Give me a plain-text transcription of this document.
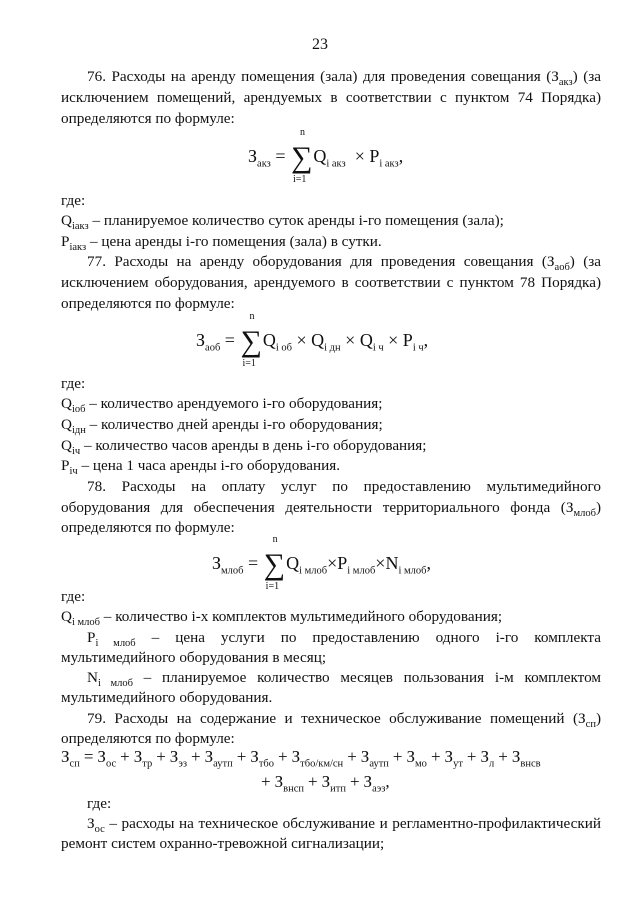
23
76. Расходы на аренду помещения (зала) для проведения совещания $(З_{акз})$ (за
исключением помещений, арендуемых в соответствии с пунктом 74 Порядка)
определяются по формуле:
$З_{акз}$ =
n
∑
i=1
$Q_{i акз} \times P_{i акз}$,
где:
$Q_{iакз}$ – планируемое количество суток аренды i-го помещения (зала);
$P_{iакз}$ – цена аренды i-го помещения (зала) в сутки.
77. Расходы на аренду оборудования для проведения совещания $(З_{аоб})$ (за
исключением оборудования, арендуемого в соответствии с пунктом 78 Порядка)
определяются по формуле:
$З_{аоб}$ =
n
∑
i=1
$Q_{i об} \times Q_{i дн} \times Q_{i ч} \times P_{i ч}$,
где:
$Q_{iоб}$ – количество арендуемого i-го оборудования;
$Q_{iдн}$ – количество дней аренды i-го оборудования;
$Q_{iч}$ – количество часов аренды в день i-го оборудования;
$P_{iч}$ – цена 1 часа аренды i-го оборудования.
78. Расходы на оплату услуг по предоставлению мультимедийного
оборудования для обеспечения деятельности территориального фонда $(З_{млоб})$
определяются по формуле:
$З_{млоб}$ =
n
∑
i=1
$Q_{i млоб}\times P_{i млоб}\times N_{i млоб}$,
где:
$Q_{i млоб}$ – количество i-х комплектов мультимедийного оборудования;
$P_{i млоб}$ – цена услуги по предоставлению одного i-го комплекта
мультимедийного оборудования в месяц;
$N_{i млоб}$ – планируемое количество месяцев пользования i-м комплектом
мультимедийного оборудования.
79. Расходы на содержание и техническое обслуживание помещений $(З_{сп})$
определяются по формуле:
$З_{сп} = З_{ос} + З_{тр} + З_{эз} + З_{аутп} + З_{тбо} + З_{тбо/км/сн} + З_{аутп} + З_{мо} + З_{ут} + З_л + З_{внсв}$
+ $З_{внсп} + З_{итп} + З_{аэз}$,
где:
$З_{ос}$ – расходы на техническое обслуживание и регламентно-профилактический
ремонт систем охранно-тревожной сигнализации;
